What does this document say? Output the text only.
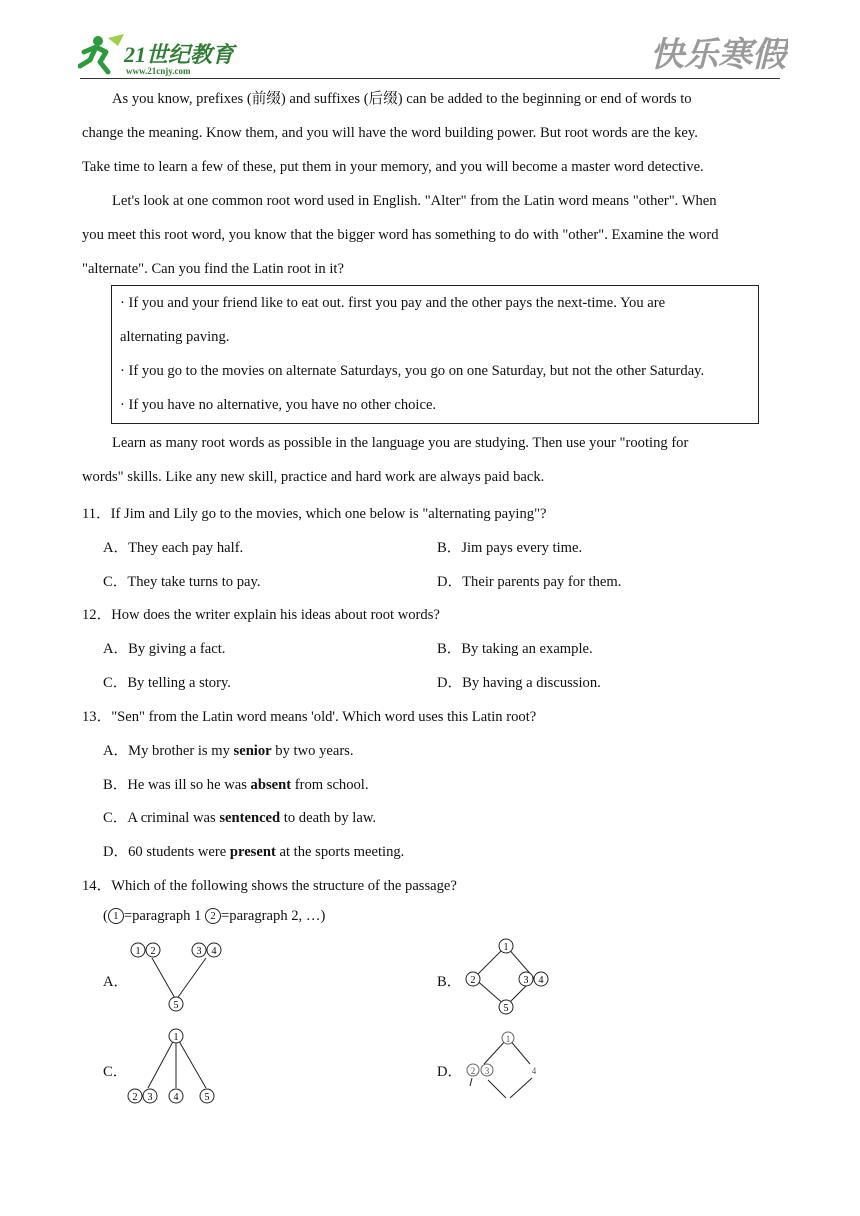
21世纪教育
www.21cnjy.com	快乐寒假

As you know, prefixes (前缀) and suffixes (后缀) can be added to the beginning or end of words to

change the meaning. Know them, and you will have the word building power. But root words are the key.

Take time to learn a few of these, put them in your memory, and you will become a master word detective.

Let's look at one common root word used in English. "Alter" from the Latin word means "other". When

you meet this root word, you know that the bigger word has something to do with "other". Examine the word

"alternate". Can you find the Latin root in it?

· If you and your friend like to eat out. first you pay and the other pays the next-time. You are
alternating paving.
· If you go to the movies on alternate Saturdays, you go on one Saturday, but not the other Saturday.
· If you have no alternative, you have no other choice.

Learn as many root words as possible in the language you are studying. Then use your "rooting for

words" skills. Like any new skill, practice and hard work are always paid back.

11．If Jim and Lily go to the movies, which one below is "alternating paying"?
A．They each pay half.	B．Jim pays every time.
C．They take turns to pay.	D．Their parents pay for them.
12．How does the writer explain his ideas about root words?
A．By giving a fact.	B．By taking an example.
C．By telling a story.	D．By having a discussion.
13．"Sen" from the Latin word means 'old'. Which word uses this Latin root?
A．My brother is my senior by two years.
B．He was ill so he was absent from school.
C．A criminal was sentenced to death by law.
D．60 students were present at the sports meeting.
14．Which of the following shows the structure of the passage?
( 1 =paragraph 1 2 =paragraph 2, …)
A．	B．
C．	D．
1 2	3 4
5
1
2	3 4
5
1
2 3 4	5
1
2 3	4
